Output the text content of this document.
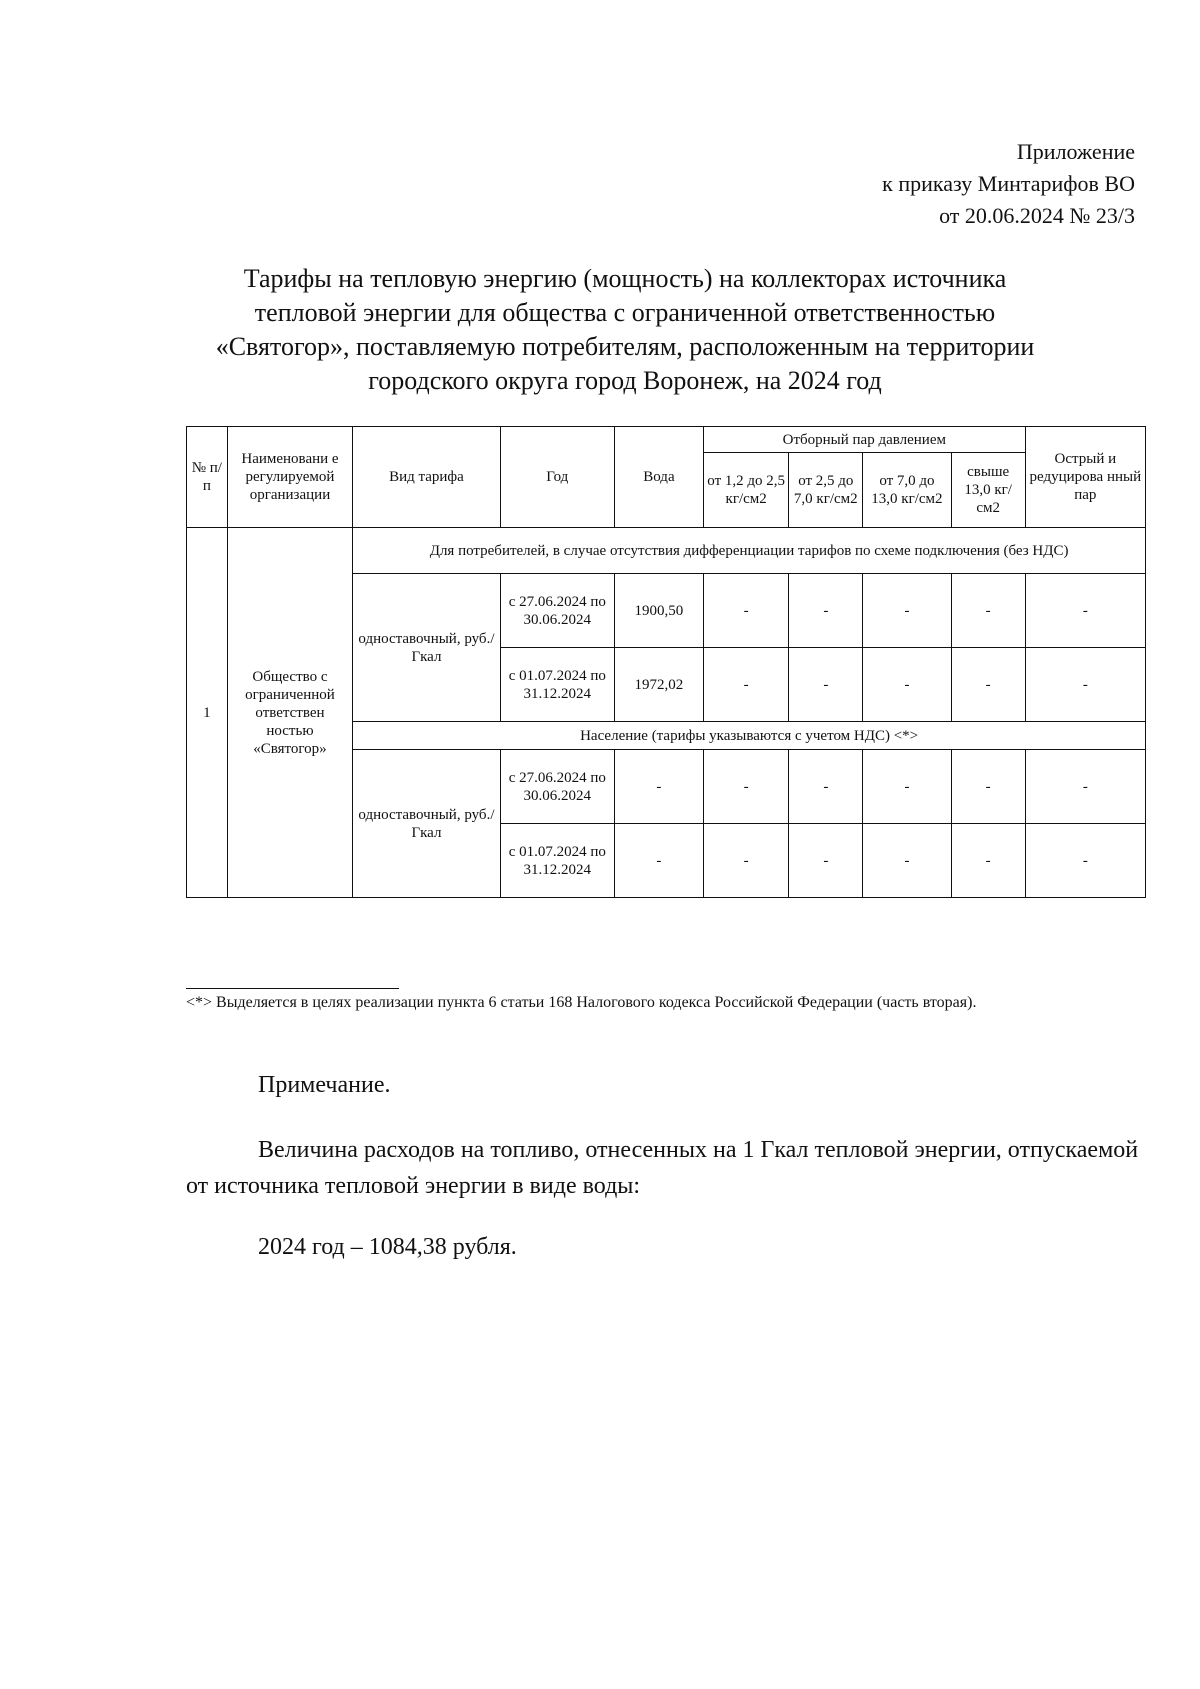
Приложение
к приказу Минтарифов ВО
от 20.06.2024 № 23/3
Тарифы на тепловую энергию (мощность) на коллекторах источника
тепловой энергии для общества с ограниченной ответственностью
«Святогор», поставляемую потребителям, расположенным на территории
городского округа город Воронеж, на 2024 год
№ п/п	Наименовани е регулируемой организации	Вид тарифа	Год	Вода	Отборный пар давлением				Острый и редуцирова нный пар
					от 1,2 до 2,5 кг/см2	от 2,5 до 7,0 кг/см2	от 7,0 до 13,0 кг/см2	свыше 13,0 кг/см2	
1	Общество с ограниченной ответствен ностью «Святогор»	Для потребителей, в случае отсутствия дифференциации тарифов по схеме подключения (без НДС)							
		одноставочный, руб./Гкал	с 27.06.2024 по 30.06.2024	1900,50	-	-	-	-	-
			с 01.07.2024 по 31.12.2024	1972,02	-	-	-	-	-
		Население (тарифы указываются с учетом НДС) <*>							
		одноставочный, руб./Гкал	с 27.06.2024 по 30.06.2024	-	-	-	-	-	-
			с 01.07.2024 по 31.12.2024	-	-	-	-	-	-
<*> Выделяется в целях реализации пункта 6 статьи 168 Налогового кодекса Российской Федерации (часть вторая).
Примечание.
Величина расходов на топливо, отнесенных на 1 Гкал тепловой энергии, отпускаемой от источника тепловой энергии в виде воды:
2024 год – 1084,38 рубля.
